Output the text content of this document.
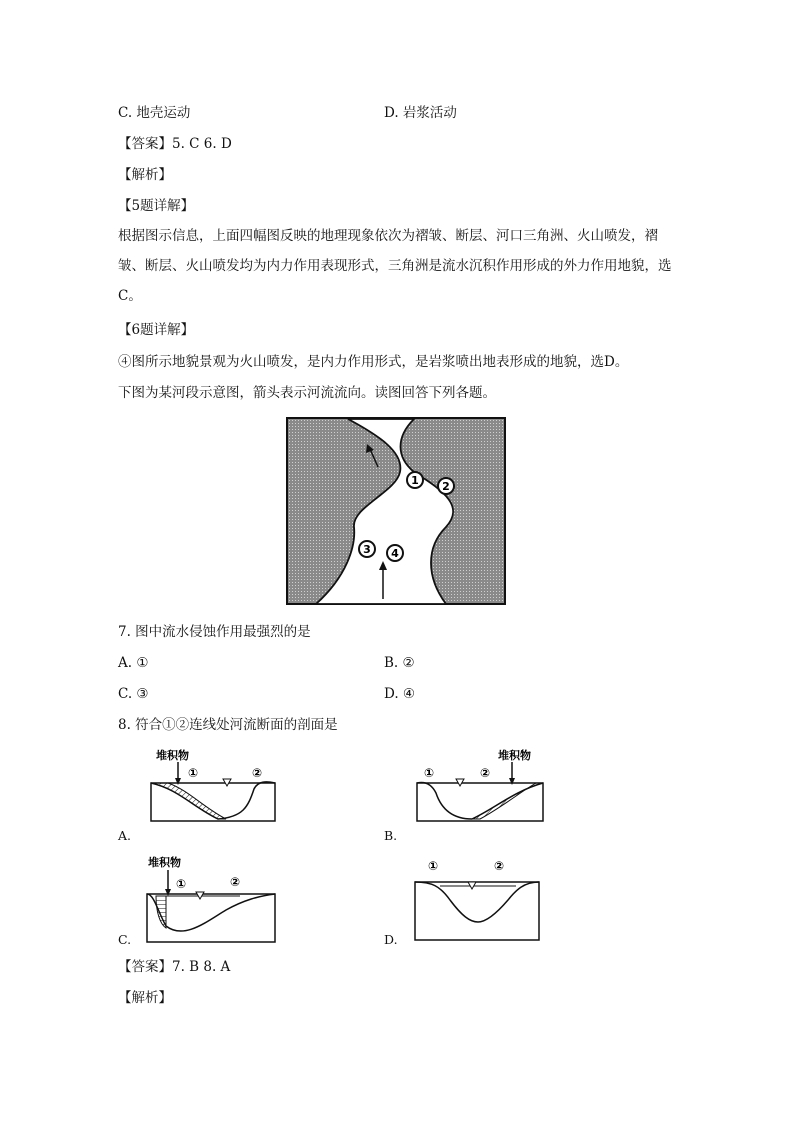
C. 地壳运动	D. 岩浆活动
【答案】5. C 6. D
【解析】
【5题详解】
根据图示信息，上面四幅图反映的地理现象依次为褶皱、断层、河口三角洲、火山喷发，褶皱、断层、火山喷发均为内力作用表现形式，三角洲是流水沉积作用形成的外力作用地貌，选C。
【6题详解】
④图所示地貌景观为火山喷发，是内力作用形式，是岩浆喷出地表形成的地貌，选D。
下图为某河段示意图，箭头表示河流流向。读图回答下列各题。
1 2
3 4
7. 图中流水侵蚀作用最强烈的是
A. ①	B. ②
C. ③	D. ④
8. 符合①②连线处河流断面的剖面是
堆积物
①	②
A.
堆积物
①	②
B.
堆积物
①	②
C.
①	②
D.
【答案】7. B 8. A
【解析】
